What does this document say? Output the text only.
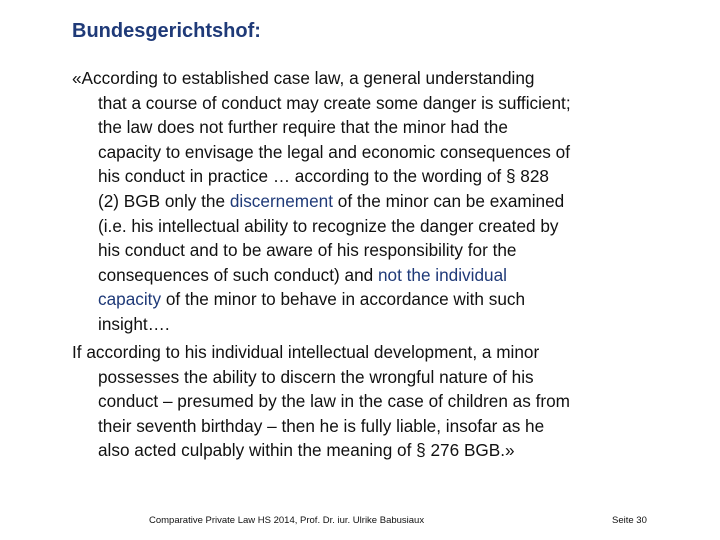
Bundesgerichtshof:
«According to established case law, a general understanding
that a course of conduct may create some danger is sufficient;
the law does not further require that the minor had the
capacity to envisage the legal and economic consequences of
his conduct in practice … according to the wording of § 828
(2) BGB only the discernement of the minor can be examined
(i.e. his intellectual ability to recognize the danger created by
his conduct and to be aware of his responsibility for the
consequences of such conduct) and not the individual
capacity of the minor to behave in accordance with such
insight….
If according to his individual intellectual development, a minor
possesses the ability to discern the wrongful nature of his
conduct – presumed by the law in the case of children as from
their seventh birthday – then he is fully liable, insofar as he
also acted culpably within the meaning of § 276 BGB.»
Comparative Private Law HS 2014, Prof. Dr. iur. Ulrike Babusiaux	Seite 30
